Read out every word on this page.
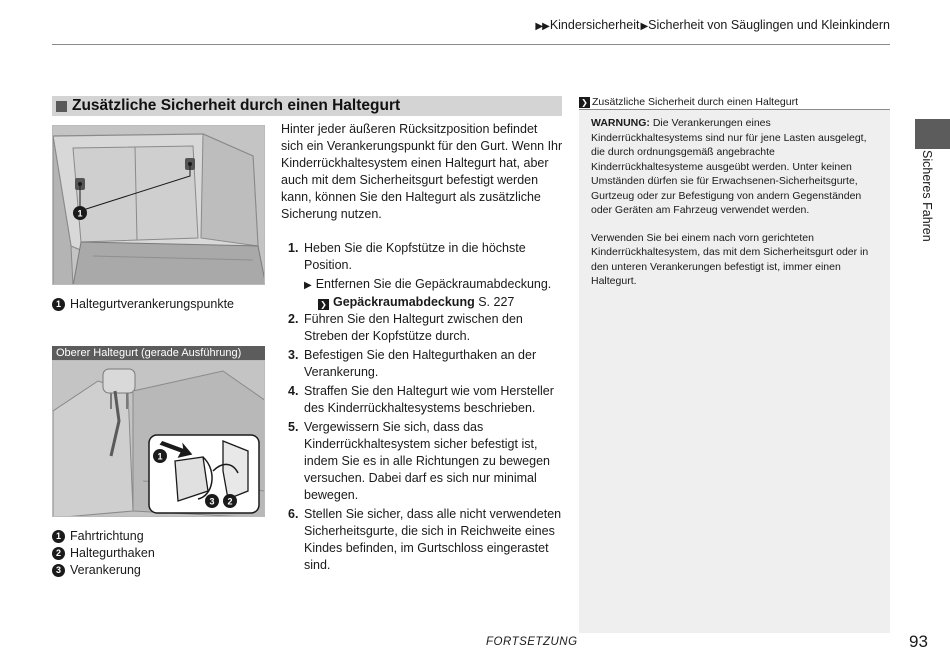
▶▶Kindersicherheit▶Sicherheit von Säuglingen und Kleinkindern
Zusätzliche Sicherheit durch einen Haltegurt
1
1 Haltegurtverankerungspunkte
Oberer Haltegurt (gerade Ausführung)
1
3 2
1 Fahrtrichtung
2 Haltegurthaken
3 Verankerung
Hinter jeder äußeren Rücksitzposition befindet sich ein Verankerungspunkt für den Gurt. Wenn Ihr Kinderrückhaltesystem einen Haltegurt hat, aber auch mit dem Sicherheitsgurt befestigt werden kann, können Sie den Haltegurt als zusätzliche Sicherung nutzen.
1. Heben Sie die Kopfstütze in die höchste Position.
▶ Entfernen Sie die Gepäckraumabdeckung.
❯ Gepäckraumabdeckung S. 227
2. Führen Sie den Haltegurt zwischen den Streben der Kopfstütze durch.
3. Befestigen Sie den Haltegurthaken an der Verankerung.
4. Straffen Sie den Haltegurt wie vom Hersteller des Kinderrückhaltesystems beschrieben.
5. Vergewissern Sie sich, dass das Kinderrückhaltesystem sicher befestigt ist, indem Sie es in alle Richtungen zu bewegen versuchen. Dabei darf es sich nur minimal bewegen.
6. Stellen Sie sicher, dass alle nicht verwendeten Sicherheitsgurte, die sich in Reichweite eines Kindes befinden, im Gurtschloss eingerastet sind.
❯ Zusätzliche Sicherheit durch einen Haltegurt

WARNUNG: Die Verankerungen eines Kinderrückhaltesystems sind nur für jene Lasten ausgelegt, die durch ordnungsgemäß angebrachte Kinderrückhaltesysteme ausgeübt werden. Unter keinen Umständen dürfen sie für Erwachsenen-Sicherheitsgurte, Gurtzeug oder zur Befestigung von andern Gegenständen oder Geräten am Fahrzeug verwendet werden.

Verwenden Sie bei einem nach vorn gerichteten Kinderrückhaltesystem, das mit dem Sicherheitsgurt oder in den unteren Verankerungen befestigt ist, immer einen Haltegurt.

Sicheres Fahren
FORTSETZUNG	93
